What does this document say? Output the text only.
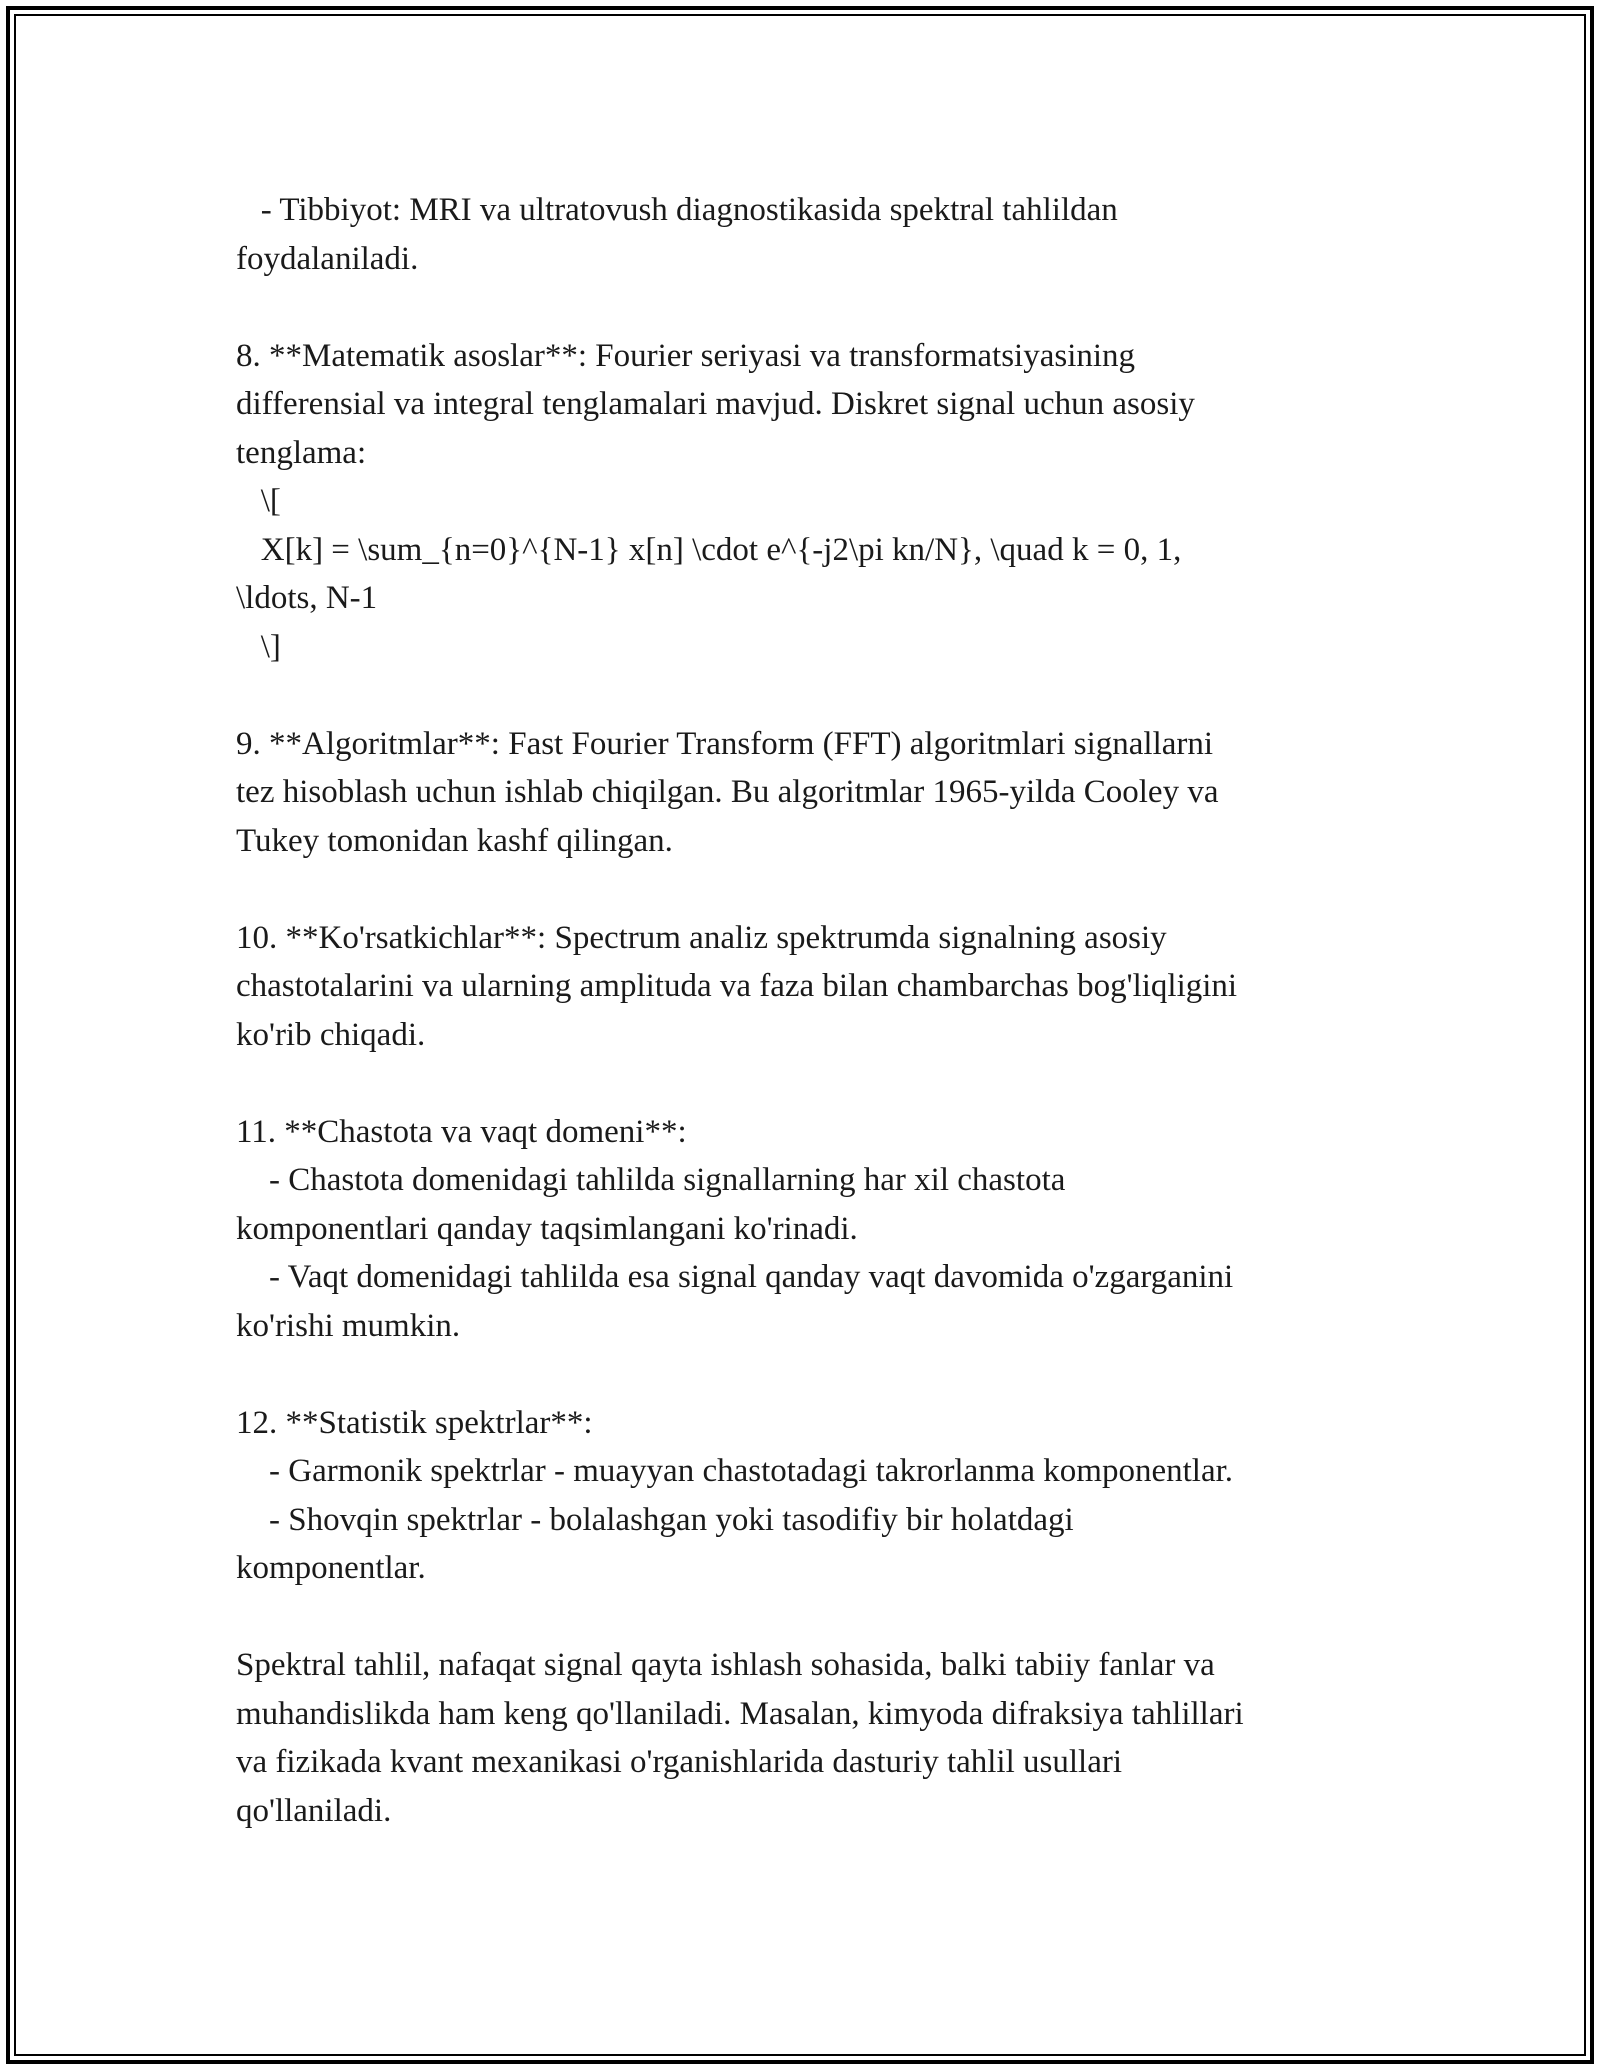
- Tibbiyot: MRI va ultratovush diagnostikasida spektral tahlildan
foydalaniladi.
8. **Matematik asoslar**: Fourier seriyasi va transformatsiyasining
differensial va integral tenglamalari mavjud. Diskret signal uchun asosiy
tenglama:
\[
X[k] = \sum_{n=0}^{N-1} x[n] \cdot e^{-j2\pi kn/N}, \quad k = 0, 1,
\ldots, N-1
\]
9. **Algoritmlar**: Fast Fourier Transform (FFT) algoritmlari signallarni
tez hisoblash uchun ishlab chiqilgan. Bu algoritmlar 1965-yilda Cooley va
Tukey tomonidan kashf qilingan.
10. **Ko'rsatkichlar**: Spectrum analiz spektrumda signalning asosiy
chastotalarini va ularning amplituda va faza bilan chambarchas bog'liqligini
ko'rib chiqadi.
11. **Chastota va vaqt domeni**:
- Chastota domenidagi tahlilda signallarning har xil chastota
komponentlari qanday taqsimlangani ko'rinadi.
- Vaqt domenidagi tahlilda esa signal qanday vaqt davomida o'zgarganini
ko'rishi mumkin.
12. **Statistik spektrlar**:
- Garmonik spektrlar - muayyan chastotadagi takrorlanma komponentlar.
- Shovqin spektrlar - bolalashgan yoki tasodifiy bir holatdagi
komponentlar.
Spektral tahlil, nafaqat signal qayta ishlash sohasida, balki tabiiy fanlar va
muhandislikda ham keng qo'llaniladi. Masalan, kimyoda difraksiya tahlillari
va fizikada kvant mexanikasi o'rganishlarida dasturiy tahlil usullari
qo'llaniladi.
